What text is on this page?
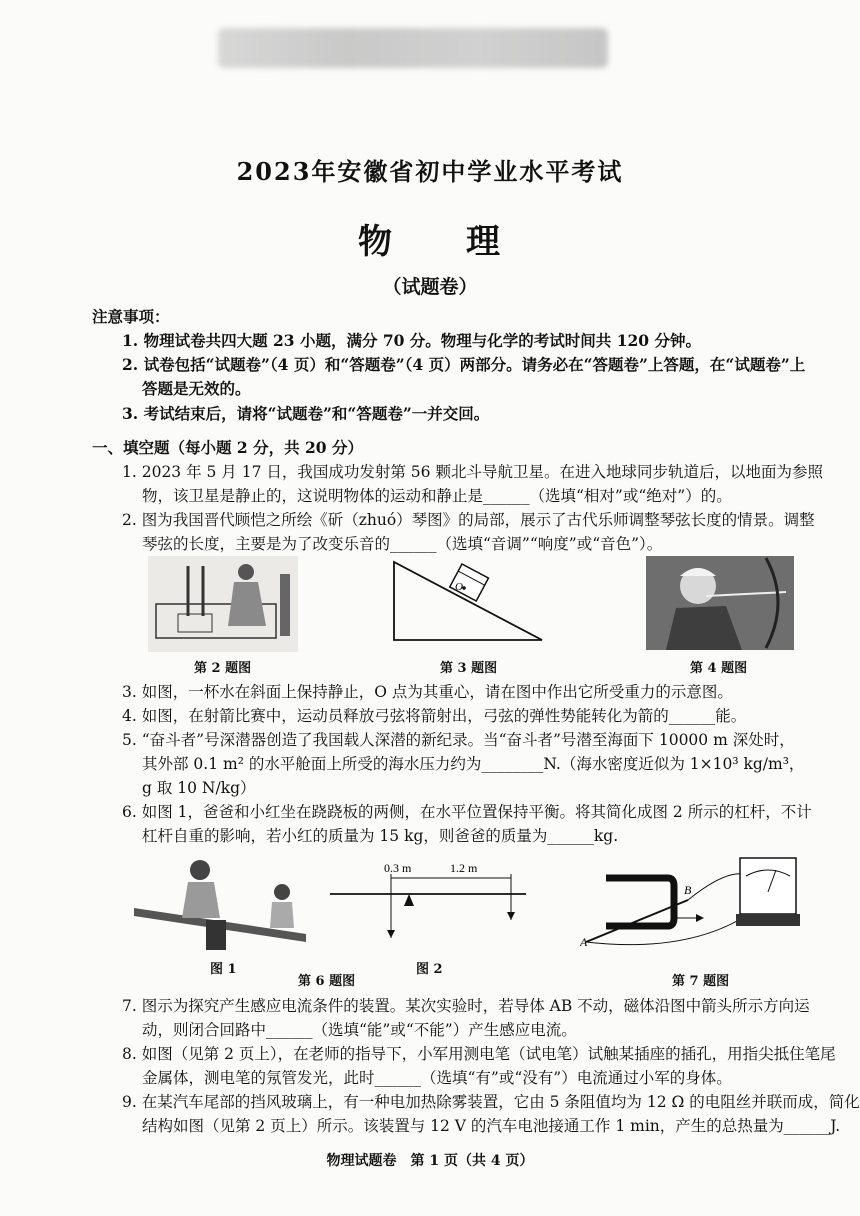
2023年安徽省初中学业水平考试
物　　理
（试题卷）
注意事项：
1. 物理试卷共四大题 23 小题，满分 70 分。物理与化学的考试时间共 120 分钟。
2. 试卷包括“试题卷”（4 页）和“答题卷”（4 页）两部分。请务必在“答题卷”上答题，在“试题卷”上
答题是无效的。
3. 考试结束后，请将“试题卷”和“答题卷”一并交回。
一、填空题（每小题 2 分，共 20 分）
1. 2023 年 5 月 17 日，我国成功发射第 56 颗北斗导航卫星。在进入地球同步轨道后，以地面为参照
物，该卫星是静止的，这说明物体的运动和静止是______（选填“相对”或“绝对”）的。
2. 图为我国晋代顾恺之所绘《斫（zhuó）琴图》的局部，展示了古代乐师调整琴弦长度的情景。调整
琴弦的长度，主要是为了改变乐音的______（选填“音调”“响度”或“音色”）。
第 2 题图
O
第 3 题图	第 4 题图
3. 如图，一杯水在斜面上保持静止，O 点为其重心，请在图中作出它所受重力的示意图。
4. 如图，在射箭比赛中，运动员释放弓弦将箭射出，弓弦的弹性势能转化为箭的______能。
5. “奋斗者”号深潜器创造了我国载人深潜的新纪录。当“奋斗者”号潜至海面下 10000 m 深处时，
其外部 0.1 m² 的水平舱面上所受的海水压力约为________N.（海水密度近似为 1×10³ kg/m³，
g 取 10 N/kg）
6. 如图 1，爸爸和小红坐在跷跷板的两侧，在水平位置保持平衡。将其简化成图 2 所示的杠杆，不计
杠杆自重的影响，若小红的质量为 15 kg，则爸爸的质量为______kg.
图 1
第 6 题图
0.3 m	1.2 m
图 2
A
B
第 7 题图
7. 图示为探究产生感应电流条件的装置。某次实验时，若导体 AB 不动，磁体沿图中箭头所示方向运
动，则闭合回路中______（选填“能”或“不能”）产生感应电流。
8. 如图（见第 2 页上），在老师的指导下，小军用测电笔（试电笔）试触某插座的插孔，用指尖抵住笔尾
金属体，测电笔的氖管发光，此时______（选填“有”或“没有”）电流通过小军的身体。
9. 在某汽车尾部的挡风玻璃上，有一种电加热除雾装置，它由 5 条阻值均为 12 Ω 的电阻丝并联而成，简化
结构如图（见第 2 页上）所示。该装置与 12 V 的汽车电池接通工作 1 min，产生的总热量为______J.
物理试题卷　第 1 页（共 4 页）
